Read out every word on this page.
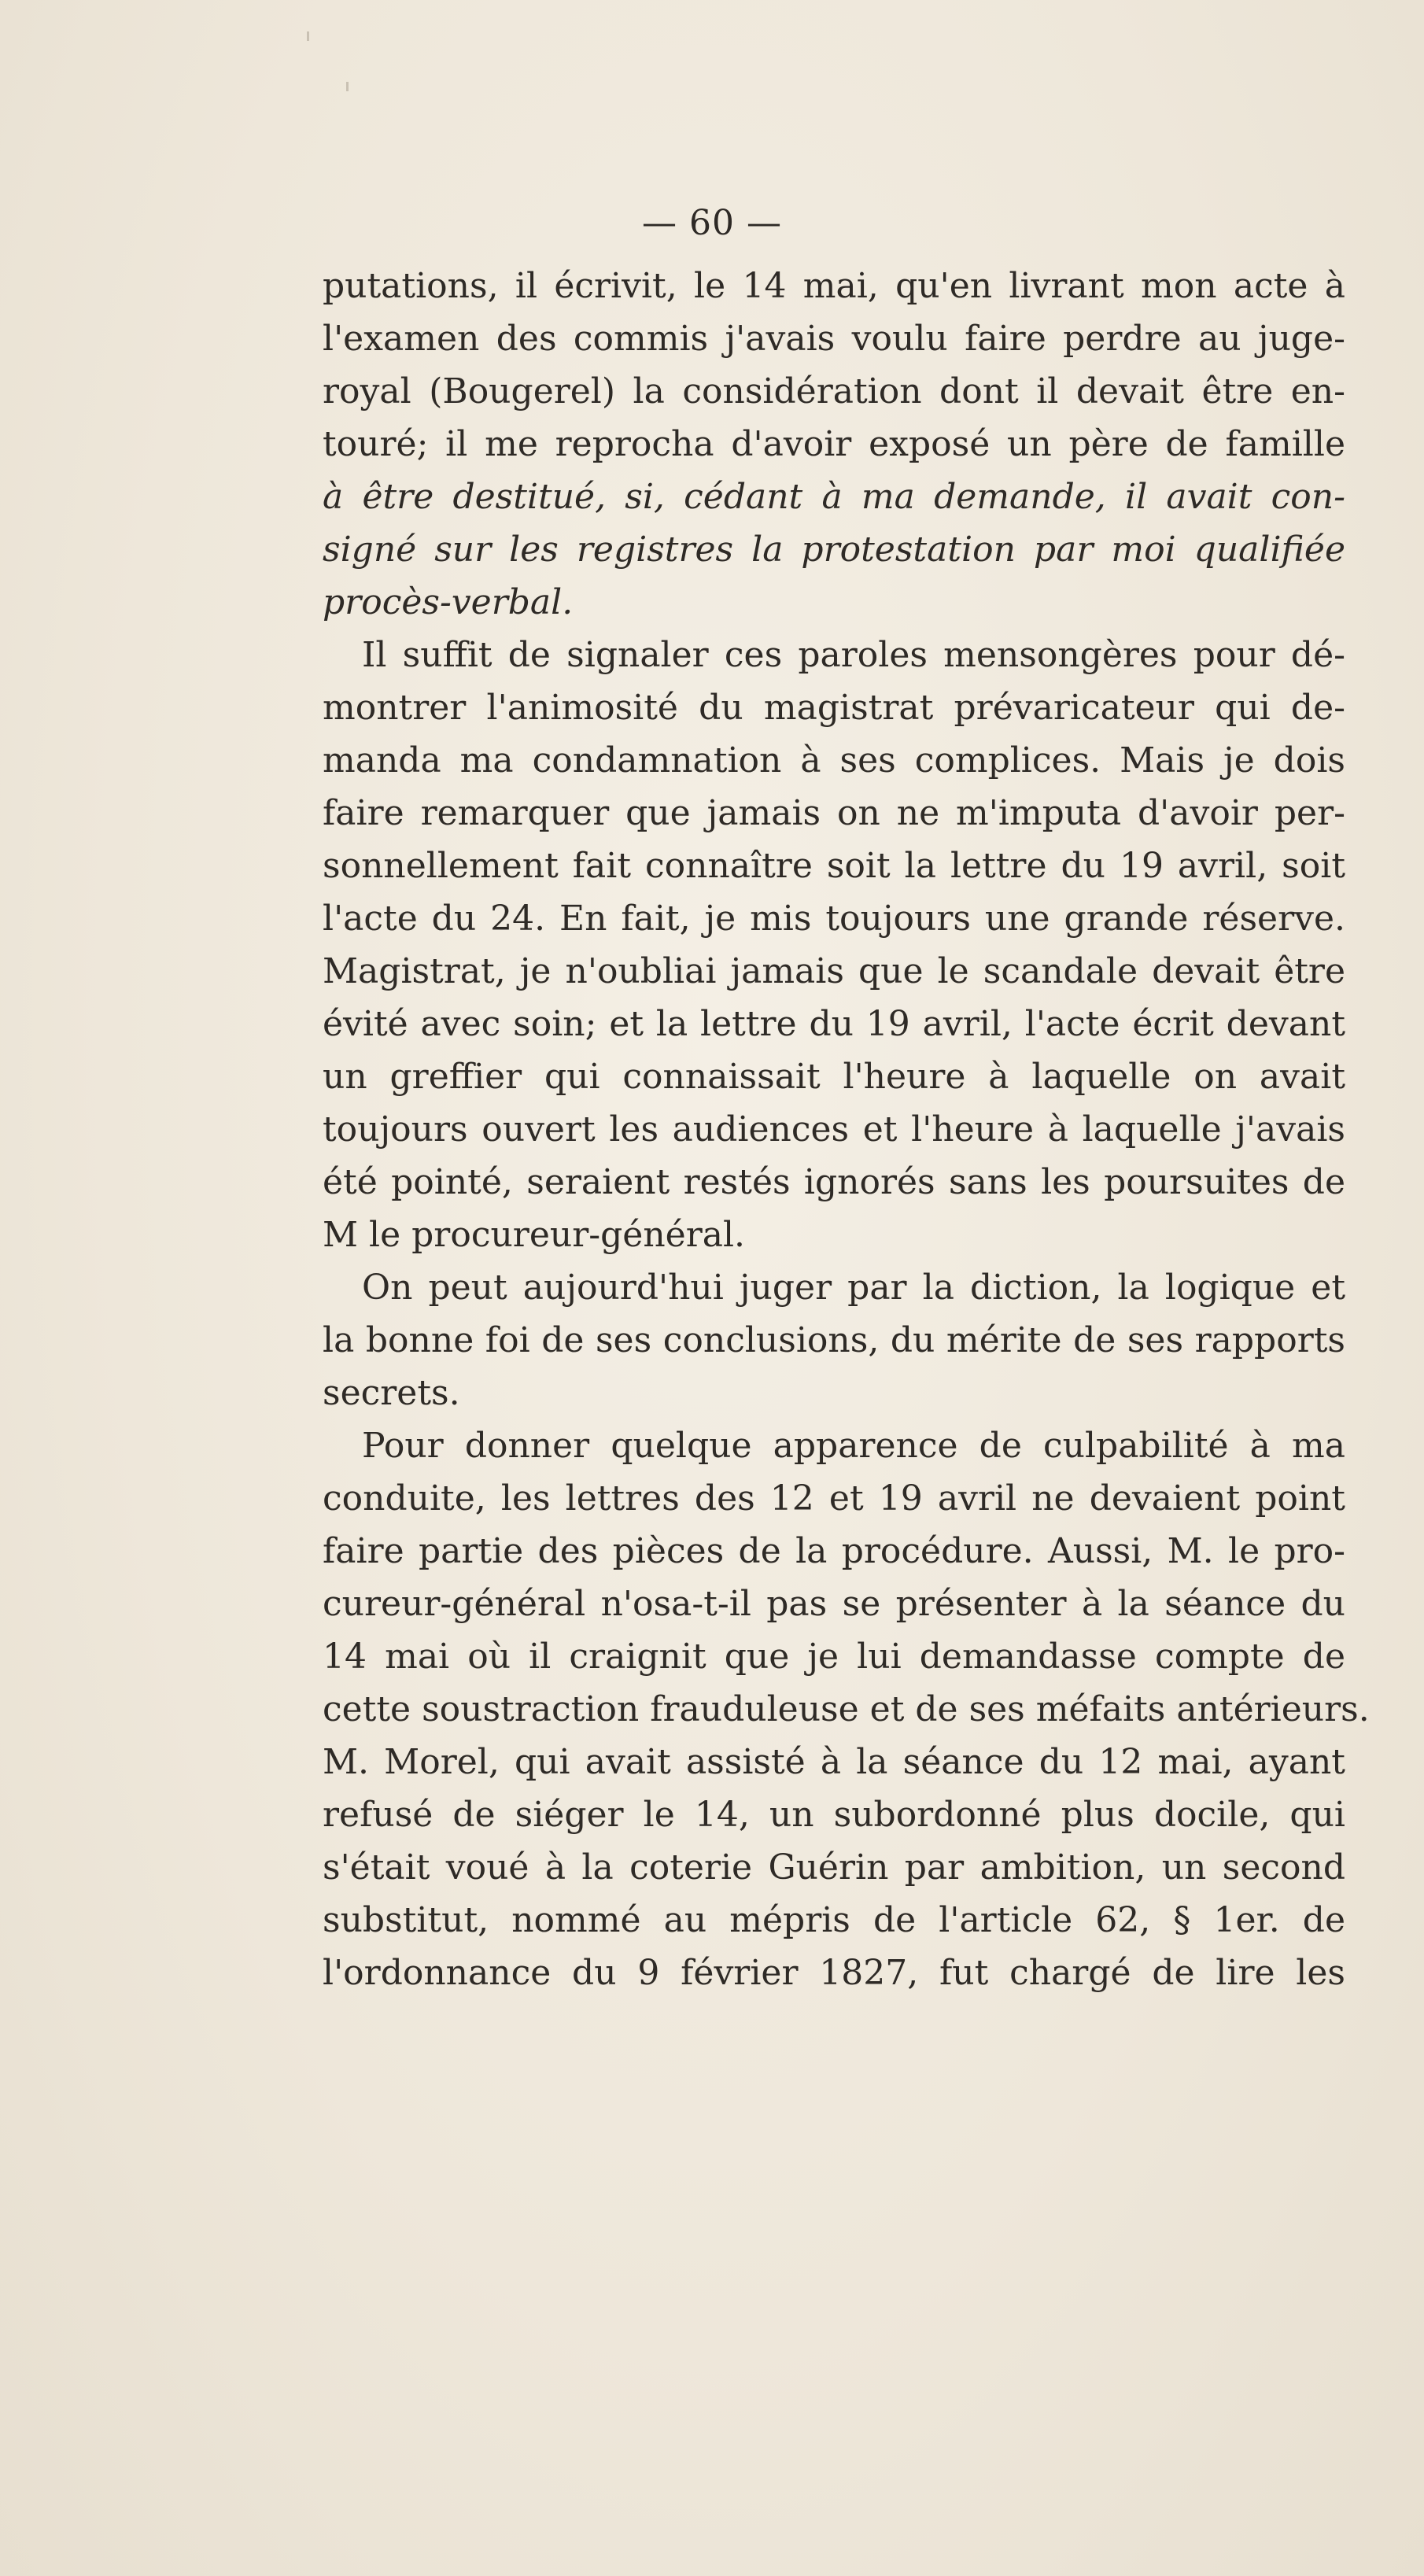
— 60 —
putations, il écrivit, le 14 mai, qu'en livrant mon acte à
l'examen des commis j'avais voulu faire perdre au juge-
royal (Bougerel) la considération dont il devait être en-
touré; il me reprocha d'avoir exposé un père de famille
à être destitué, si, cédant à ma demande, il avait con-
signé sur les registres la protestation par moi qualifiée
procès-verbal.
Il suffit de signaler ces paroles mensongères pour dé-
montrer l'animosité du magistrat prévaricateur qui de-
manda ma condamnation à ses complices. Mais je dois
faire remarquer que jamais on ne m'imputa d'avoir per-
sonnellement fait connaître soit la lettre du 19 avril, soit
l'acte du 24. En fait, je mis toujours une grande réserve.
Magistrat, je n'oubliai jamais que le scandale devait être
évité avec soin; et la lettre du 19 avril, l'acte écrit devant
un greffier qui connaissait l'heure à laquelle on avait
toujours ouvert les audiences et l'heure à laquelle j'avais
été pointé, seraient restés ignorés sans les poursuites de
M le procureur-général.
On peut aujourd'hui juger par la diction, la logique et
la bonne foi de ses conclusions, du mérite de ses rapports
secrets.
Pour donner quelque apparence de culpabilité à ma
conduite, les lettres des 12 et 19 avril ne devaient point
faire partie des pièces de la procédure. Aussi, M. le pro-
cureur-général n'osa-t-il pas se présenter à la séance du
14 mai où il craignit que je lui demandasse compte de
cette soustraction frauduleuse et de ses méfaits antérieurs.
M. Morel, qui avait assisté à la séance du 12 mai, ayant
refusé de siéger le 14, un subordonné plus docile, qui
s'était voué à la coterie Guérin par ambition, un second
substitut, nommé au mépris de l'article 62, § 1er. de
l'ordonnance du 9 février 1827, fut chargé de lire les
